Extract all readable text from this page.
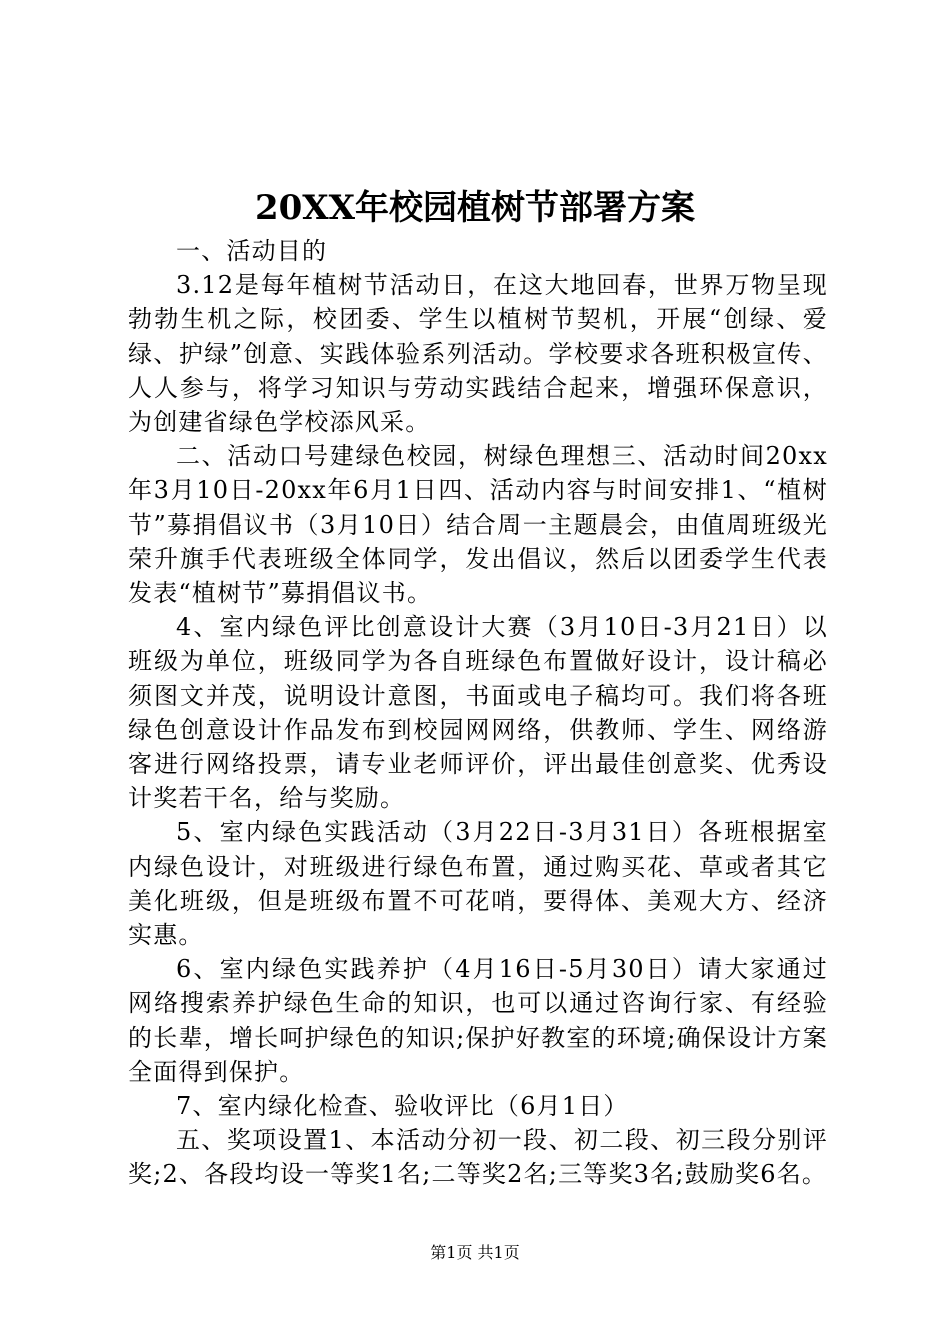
20XX年校园植树节部署方案

一、活动目的

3.12是每年植树节活动日，在这大地回春，世界万物呈现勃勃生机之际，校团委、学生以植树节契机，开展“创绿、爱绿、护绿”创意、实践体验系列活动。学校要求各班积极宣传、人人参与，将学习知识与劳动实践结合起来，增强环保意识，为创建省绿色学校添风采。

二、活动口号建绿色校园，树绿色理想三、活动时间20xx年3月10日-20xx年6月1日四、活动内容与时间安排1、“植树节”募捐倡议书（3月10日）结合周一主题晨会，由值周班级光荣升旗手代表班级全体同学，发出倡议，然后以团委学生代表发表“植树节”募捐倡议书。

4、室内绿色评比创意设计大赛（3月10日-3月21日）以班级为单位，班级同学为各自班绿色布置做好设计，设计稿必须图文并茂，说明设计意图，书面或电子稿均可。我们将各班绿色创意设计作品发布到校园网网络，供教师、学生、网络游客进行网络投票，请专业老师评价，评出最佳创意奖、优秀设计奖若干名，给与奖励。

5、室内绿色实践活动（3月22日-3月31日）各班根据室内绿色设计，对班级进行绿色布置，通过购买花、草或者其它美化班级，但是班级布置不可花哨，要得体、美观大方、经济实惠。

6、室内绿色实践养护（4月16日-5月30日）请大家通过网络搜索养护绿色生命的知识，也可以通过咨询行家、有经验的长辈，增长呵护绿色的知识;保护好教室的环境;确保设计方案全面得到保护。

7、室内绿化检查、验收评比（6月1日）

五、奖项设置1、本活动分初一段、初二段、初三段分别评奖;2、各段均设一等奖1名;二等奖2名;三等奖3名;鼓励奖6名。

第1页 共1页
